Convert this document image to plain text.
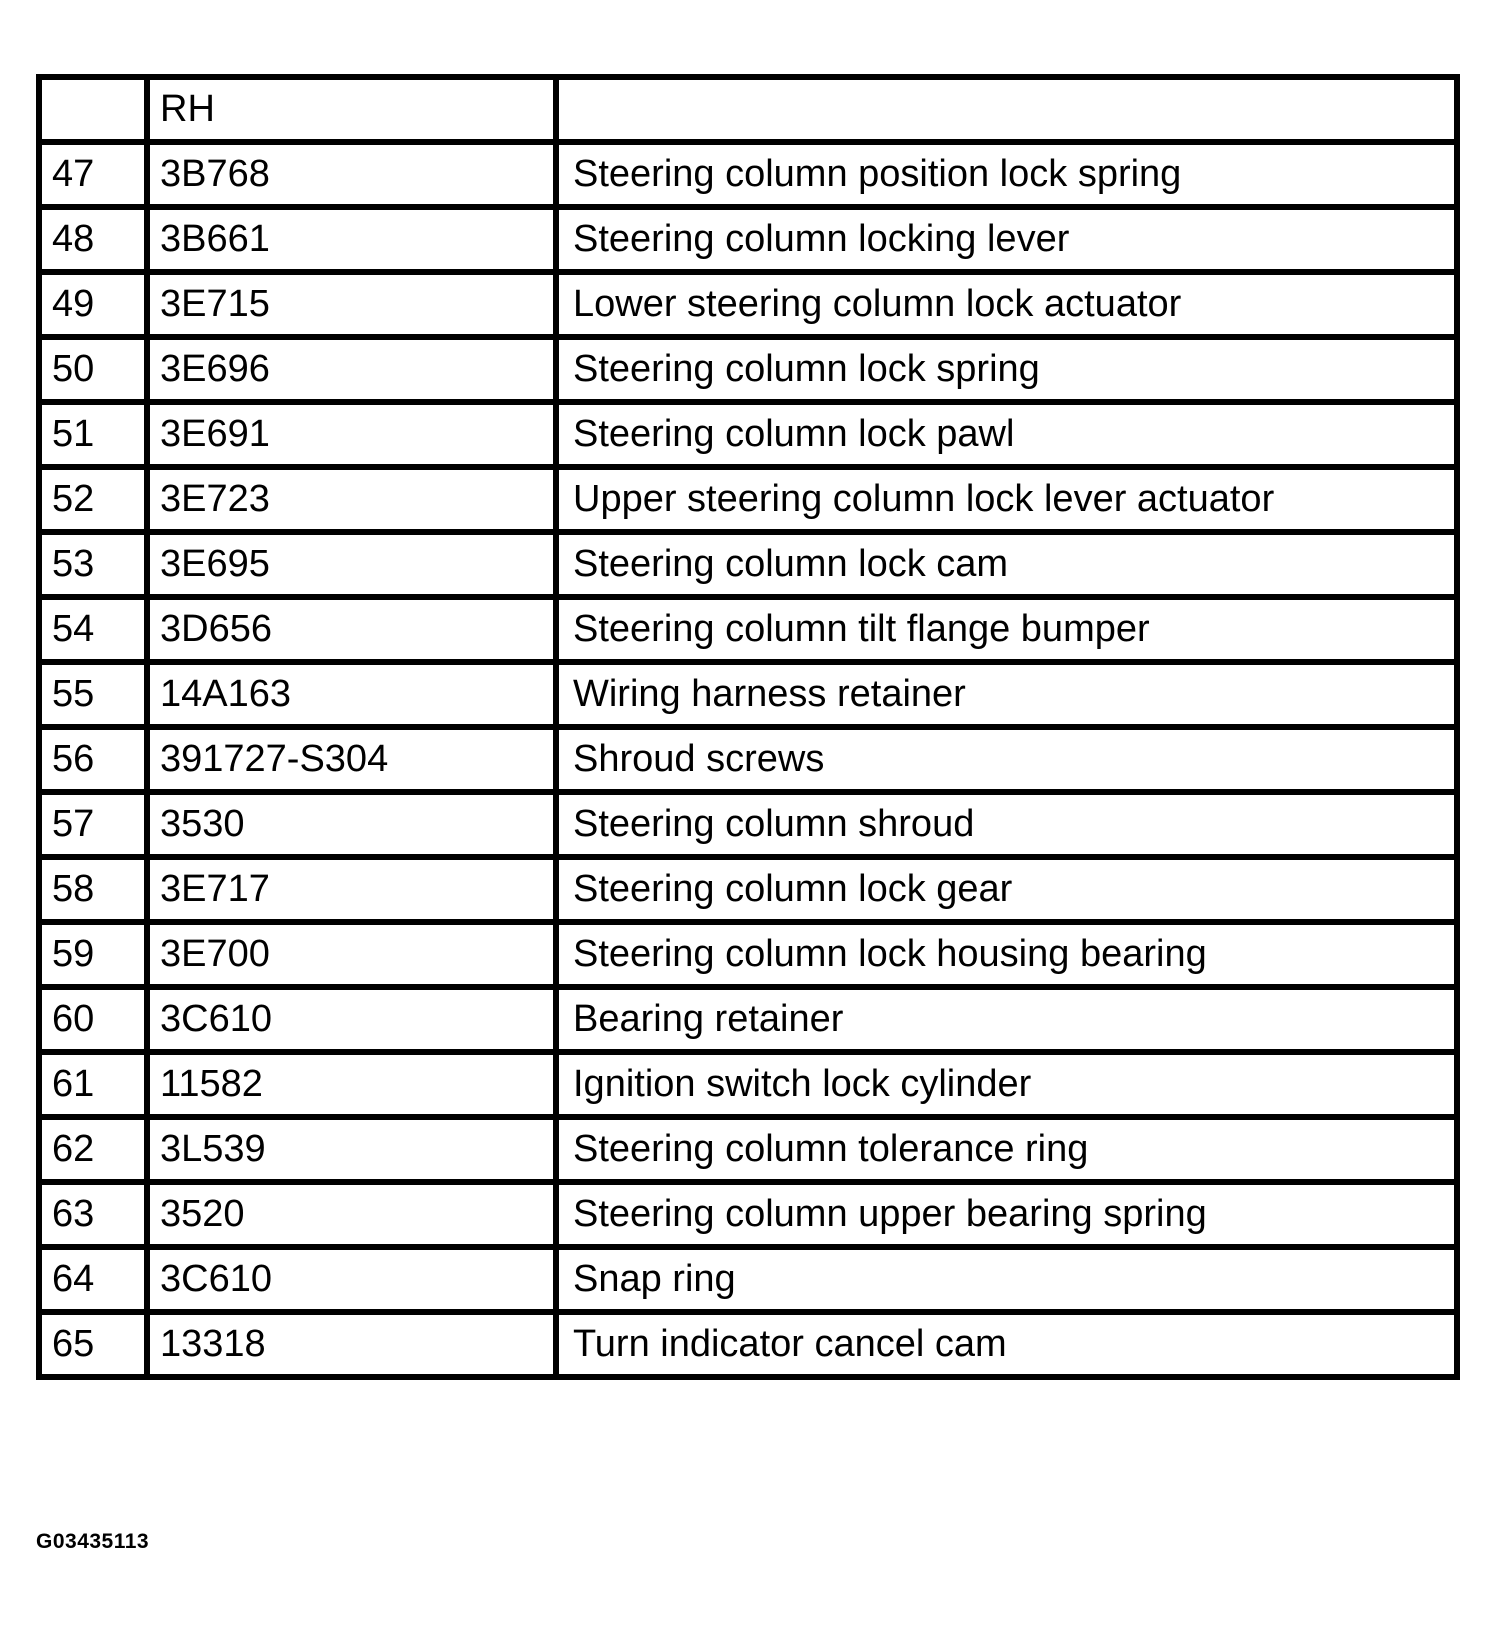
	RH	
47	3B768	Steering column position lock spring
48	3B661	Steering column locking lever
49	3E715	Lower steering column lock actuator
50	3E696	Steering column lock spring
51	3E691	Steering column lock pawl
52	3E723	Upper steering column lock lever actuator
53	3E695	Steering column lock cam
54	3D656	Steering column tilt flange bumper
55	14A163	Wiring harness retainer
56	391727-S304	Shroud screws
57	3530	Steering column shroud
58	3E717	Steering column lock gear
59	3E700	Steering column lock housing bearing
60	3C610	Bearing retainer
61	11582	Ignition switch lock cylinder
62	3L539	Steering column tolerance ring
63	3520	Steering column upper bearing spring
64	3C610	Snap ring
65	13318	Turn indicator cancel cam
G03435113
